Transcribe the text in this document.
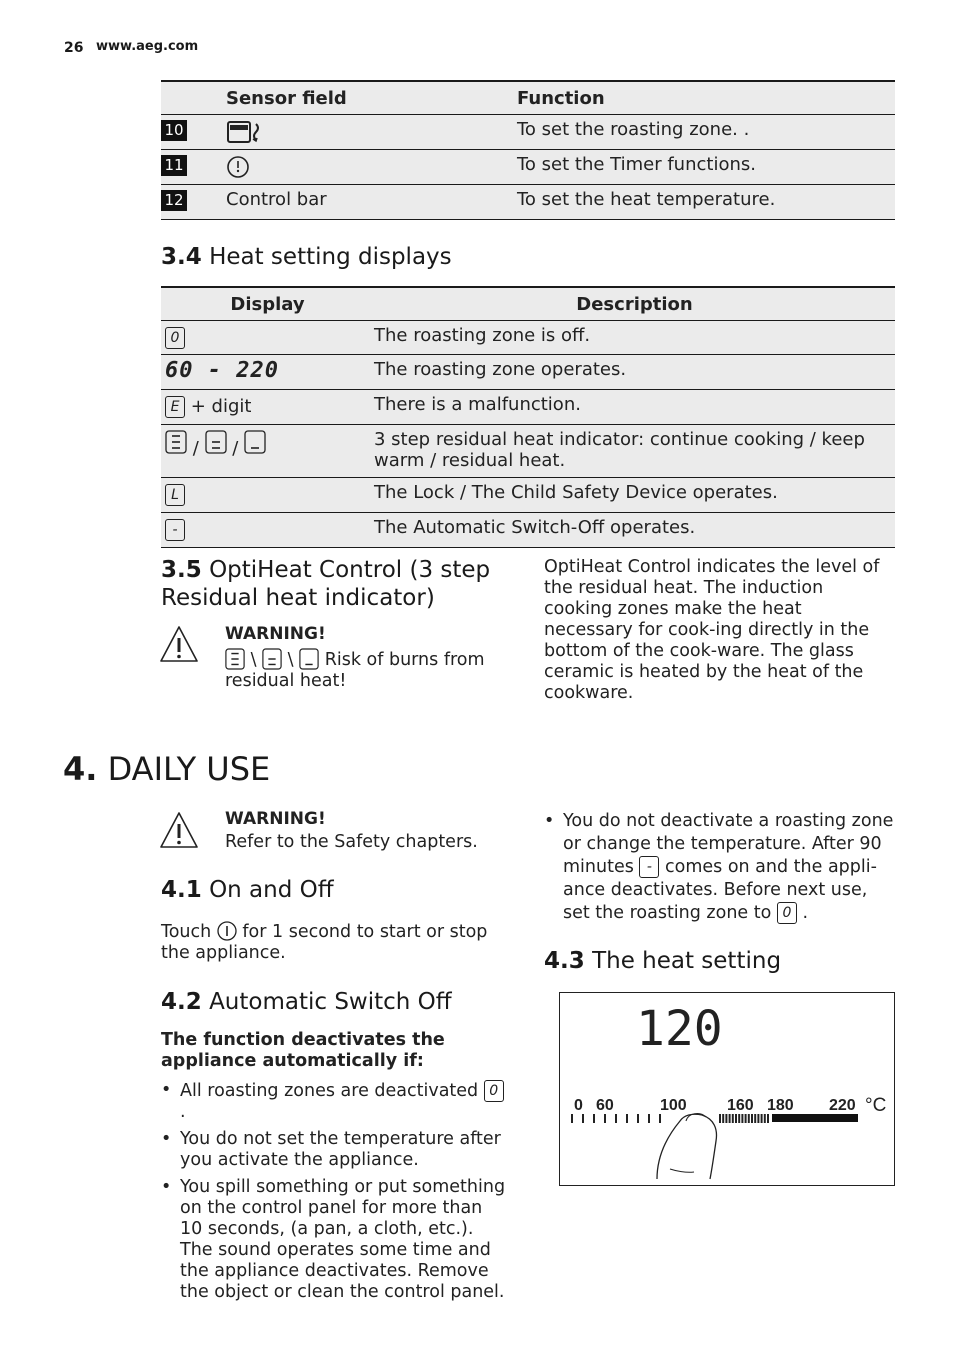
26 www.aeg.com
	Sensor field	Function
10		To set the roasting zone. .
11		To set the Timer functions.
12	Control bar	To set the heat temperature.
3.4 Heat setting displays
Display	Description
0	The roasting zone is off.
60 - 220	The roasting zone operates.
E + digit	There is a malfunction.
/ /	3 step residual heat indicator: continue cooking / keep warm / residual heat.
L	The Lock / The Child Safety Device operates.
-	The Automatic Switch-Off operates.
3.5 OptiHeat Control (3 step Residual heat indicator)
WARNING!
\ \ Risk of burns from residual heat!
OptiHeat Control indicates the level of the residual heat. The induction cooking zones make the heat necessary for cook-ing directly in the bottom of the cook-ware. The glass ceramic is heated by the heat of the cookware.
4. DAILY USE
WARNING!
Refer to the Safety chapters.
4.1 On and Off
Touch for 1 second to start or stop the appliance.
4.2 Automatic Switch Off
The function deactivates the appliance automatically if:
• All roasting zones are deactivated 0 .
• You do not set the temperature after you activate the appliance.
• You spill something or put something on the control panel for more than 10 seconds, (a pan, a cloth, etc.). The sound operates some time and the appliance deactivates. Remove the object or clean the control panel.
• You do not deactivate a roasting zone or change the temperature. After 90 minutes - comes on and the appli-ance deactivates. Before next use, set the roasting zone to 0 .
4.3 The heat setting
120
0 60	100	160 180 220 °C
